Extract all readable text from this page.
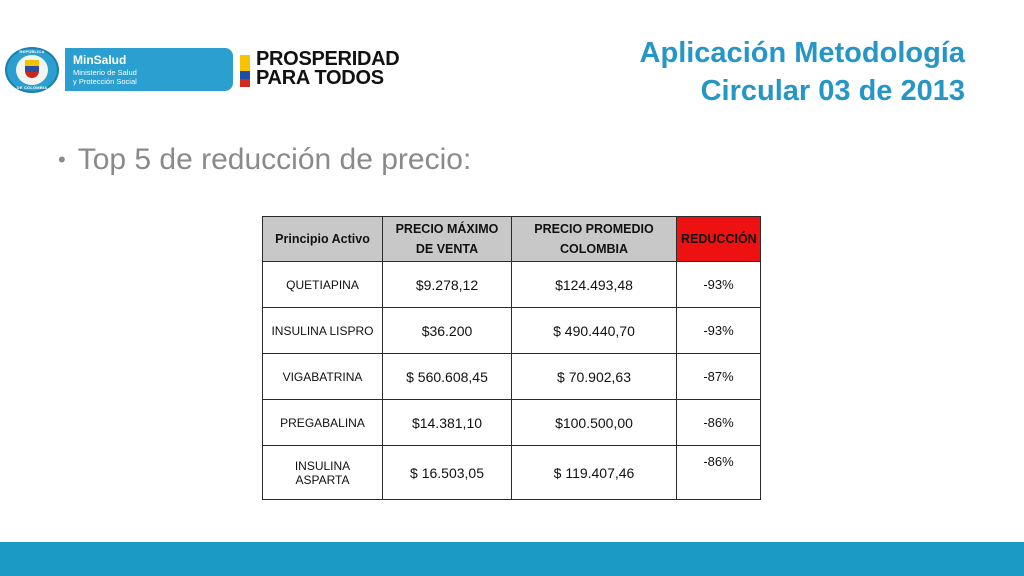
REPÚBLICA
DE COLOMBIA
MinSalud
Ministerio de Salud
y Protección Social
PROSPERIDAD
PARA TODOS
Aplicación Metodología
Circular 03 de 2013
• Top 5 de reducción de precio:
Principio Activo	PRECIO MÁXIMO DE VENTA	PRECIO PROMEDIO COLOMBIA	REDUCCIÓN
QUETIAPINA	$9.278,12	$124.493,48	-93%
INSULINA LISPRO	$36.200	$ 490.440,70	-93%
VIGABATRINA	$ 560.608,45	$ 70.902,63	-87%
PREGABALINA	$14.381,10	$100.500,00	-86%
INSULINA ASPARTA	$ 16.503,05	$ 119.407,46	-86%
